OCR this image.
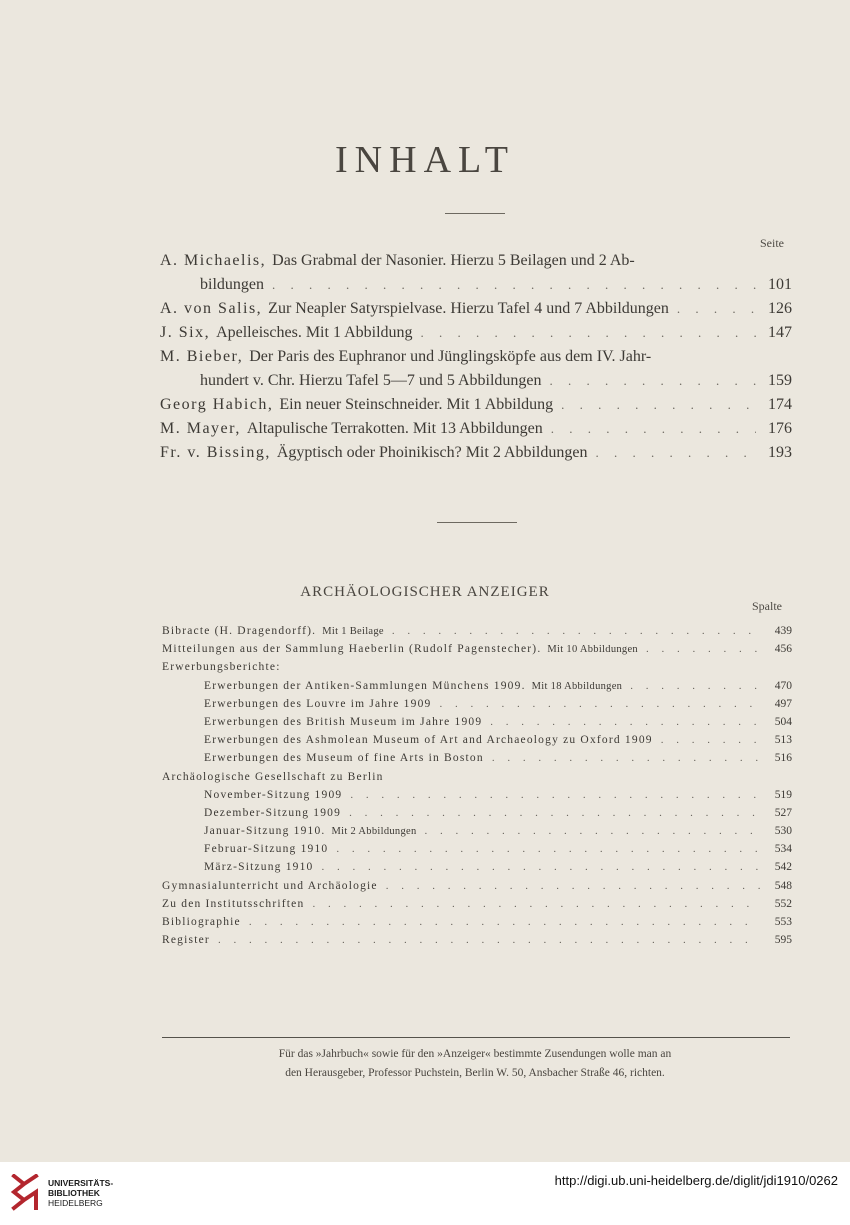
INHALT
Seite
A. Michaelis, Das Grabmal der Nasonier. Hierzu 5 Beilagen und 2 Ab-
bildungen . . .	101
A. von Salis, Zur Neapler Satyrspielvase. Hierzu Tafel 4 und 7 Abbildungen . . .	126
J. Six, Apelleisches. Mit 1 Abbildung . . .	147
M. Bieber, Der Paris des Euphranor und Jünglingsköpfe aus dem IV. Jahr-
hundert v. Chr. Hierzu Tafel 5—7 und 5 Abbildungen . . .	159
Georg Habich, Ein neuer Steinschneider. Mit 1 Abbildung . . .	174
M. Mayer, Altapulische Terrakotten. Mit 13 Abbildungen . . .	176
Fr. v. Bissing, Ägyptisch oder Phoinikisch? Mit 2 Abbildungen . . .	193
ARCHÄOLOGISCHER ANZEIGER
Spalte
Bibracte (H. Dragendorff). Mit 1 Beilage . . .	439
Mitteilungen aus der Sammlung Haeberlin (Rudolf Pagenstecher). Mit 10 Abbildungen . . .	456
Erwerbungsberichte:
Erwerbungen der Antiken-Sammlungen Münchens 1909. Mit 18 Abbildungen . . .	470
Erwerbungen des Louvre im Jahre 1909 . . .	497
Erwerbungen des British Museum im Jahre 1909 . . .	504
Erwerbungen des Ashmolean Museum of Art and Archaeology zu Oxford 1909 . . .	513
Erwerbungen des Museum of fine Arts in Boston . . .	516
Archäologische Gesellschaft zu Berlin
November-Sitzung 1909 . . .	519
Dezember-Sitzung 1909 . . .	527
Januar-Sitzung 1910. Mit 2 Abbildungen . . .	530
Februar-Sitzung 1910 . . .	534
März-Sitzung 1910 . . .	542
Gymnasialunterricht und Archäologie . . .	548
Zu den Institutsschriften . . .	552
Bibliographie . . .	553
Register . . .	595
Für das »Jahrbuch« sowie für den »Anzeiger« bestimmte Zusendungen wolle man an
den Herausgeber, Professor Puchstein, Berlin W. 50, Ansbacher Straße 46, richten.
UNIVERSITÄTS-
BIBLIOTHEK
HEIDELBERG
http://digi.ub.uni-heidelberg.de/diglit/jdi1910/0262
